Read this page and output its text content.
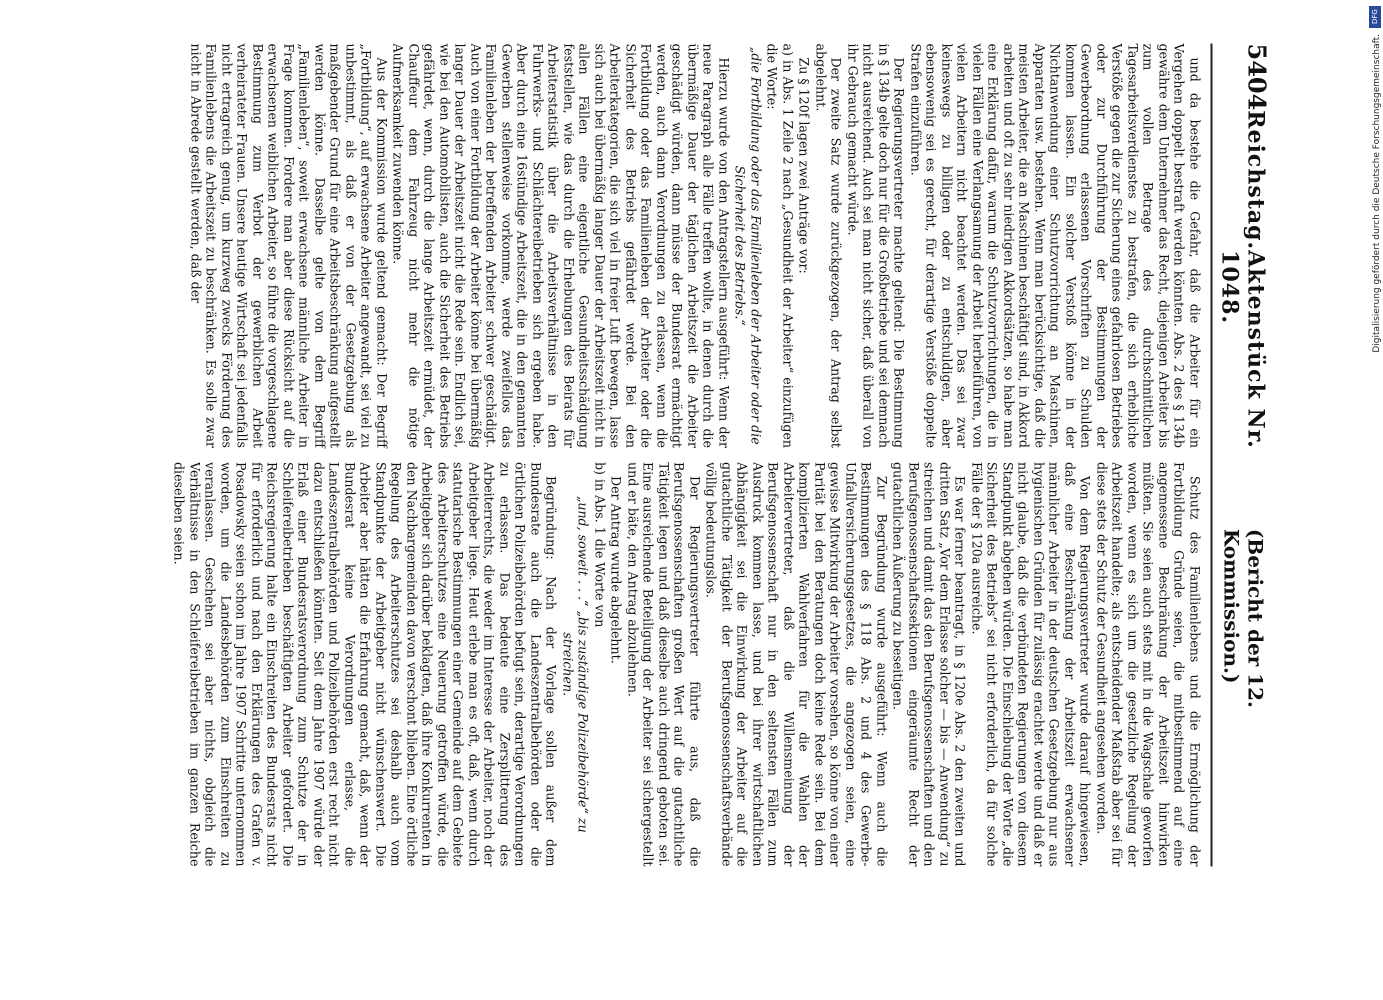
5404
Reichstag.
Aktenstück Nr. 1048.
(Bericht der 12. Kommission.)

und da bestehe die Gefahr, daß die Arbeiter für ein Vergehen doppelt bestraft werden könnten. Abs. 2 des § 134b gewähre dem Unternehmer das Recht, diejenigen Arbeiter bis zum vollen Betrage des durchschnittlichen Tagesarbeitsverdienstes zu bestrafen, die sich erhebliche Verstöße gegen die zur Sicherung eines gefahrlosen Betriebes oder zur Durchführung der Bestimmungen der Gewerbeordnung erlassenen Vorschriften zu Schulden kommen lassen. Ein solcher Verstoß könne in der Nichtanwendung einer Schutzvorrichtung an Maschinen, Apparaten usw. bestehen. Wenn man berücksichtige, daß die meisten Arbeiter, die an Maschinen beschäftigt sind, in Akkord arbeiten und oft zu sehr niedrigen Akkordsätzen, so habe man eine Erklärung dafür, warum die Schutzvorrichtungen, die in vielen Fällen eine Verlangsamung der Arbeit herbeiführen, von vielen Arbeitern nicht beachtet werden. Das sei zwar keineswegs zu billigen oder zu entschuldigen, aber ebensowenig sei es gerecht, für derartige Verstöße doppelte Strafen einzuführen.

Der Regierungsvertreter machte geltend: Die Bestimmung in § 134b gelte doch nur für die Großbetriebe und sei demnach nicht ausreichend. Auch sei man nicht sicher, daß überall von ihr Gebrauch gemacht würde.

Der zweite Satz wurde zurückgezogen, der Antrag selbst abgelehnt.

Zu § 120f lagen zwei Anträge vor:

a) in Abs. 1 Zeile 2 nach „Gesundheit der Arbeiter“ einzufügen die Worte:

„die Fortbildung oder das Familienleben der Arbeiter oder die Sicherheit des Betriebs.“

Hierzu wurde von den Antragstellern ausgeführt: Wenn der neue Paragraph alle Fälle treffen wollte, in denen durch die übermäßige Dauer der täglichen Arbeitszeit die Arbeiter geschädigt würden, dann müsse der Bundesrat ermächtigt werden, auch dann Verordnungen zu erlassen, wenn die Fortbildung oder das Familienleben der Arbeiter oder die Sicherheit des Betriebs gefährdet werde. Bei den Arbeiterkategorien, die sich viel in freier Luft bewegen, lasse sich auch bei übermäßig langer Dauer der Arbeitszeit nicht in allen Fällen eine eigentliche Gesundheitsschädigung feststellen, wie das durch die Erhebungen des Beirats für Arbeiterstatistik über die Arbeitsverhältnisse in den Fuhrwerks- und Schlächtereibetrieben sich ergeben habe. Aber durch eine 16stündige Arbeitszeit, die in den genannten Gewerben stellenweise vorkomme, werde zweifellos das Familienleben der betreffenden Arbeiter schwer geschädigt. Auch von einer Fortbildung der Arbeiter könne bei übermäßig langer Dauer der Arbeitszeit nicht die Rede sein. Endlich sei, wie bei den Automobilisten, auch die Sicherheit des Betriebs gefährdet, wenn, durch die lange Arbeitszeit ermüdet, der Chauffeur dem Fahrzeug nicht mehr die nötige Aufmerksamkeit zuwenden könne.

Aus der Kommission wurde geltend gemacht: Der Begriff „Fortbildung“, auf erwachsene Arbeiter angewandt, sei viel zu unbestimmt, als daß er von der Gesetzgebung als maßgebender Grund für eine Arbeitsbeschränkung aufgestellt werden könne. Dasselbe gelte von dem Begriff „Familienleben“, soweit erwachsene männliche Arbeiter in Frage kommen. Fordere man aber diese Rücksicht auf die erwachsenen weiblichen Arbeiter, so führe die vorgeschlagene Bestimmung zum Verbot der gewerblichen Arbeit verheirateter Frauen. Unsere heutige Wirtschaft sei jedenfalls nicht ertragreich genug, um kurzweg zwecks Förderung des Familienlebens die Arbeitszeit zu beschränken. Es solle zwar nicht in Abrede gestellt werden, daß der

Schutz des Familienlebens und die Ermöglichung der Fortbildung Gründe seien, die mitbestimmend auf eine angemessene Beschränkung der Arbeitszeit hinwirken müßten. Sie seien auch stets mit in die Wagschale geworfen worden, wenn es sich um die gesetzliche Regelung der Arbeitszeit handelte; als entscheidender Maßstab aber sei für diese stets der Schutz der Gesundheit angesehen worden.

Von dem Regierungsvertreter wurde darauf hingewiesen, daß eine Beschränkung der Arbeitszeit erwachsener männlicher Arbeiter in der deutschen Gesetzgebung nur aus hygienischen Gründen für zulässig erachtet werde und daß er nicht glaube, daß die verbündeten Regierungen von diesem Standpunkt abgehen würden. Die Einschiebung der Worte „die Sicherheit des Betriebs“ sei nicht erforderlich, da für solche Fälle der § 120a ausreiche.

Es war ferner beantragt, in § 120e Abs. 2 den zweiten und dritten Satz „Vor dem Erlasse solcher — bis — Anwendung“ zu streichen und damit das den Berufsgenossenschaften und den Berufsgenossenschaftssektionen eingeräumte Recht der gutachtlichen Äußerung zu beseitigen.

Zur Begründung wurde ausgeführt: Wenn auch die Bestimmungen des § 118 Abs. 2 und 4 des Gewerbe-Unfallversicherungsgesetzes, die angezogen seien, eine gewisse Mitwirkung der Arbeiter vorsehen, so könne von einer Parität bei den Beratungen doch keine Rede sein. Bei dem komplizierten Wahlverfahren für die Wahlen der Arbeitervertreter, daß die Willensmeinung der Berufsgenossenschaft nur in den seltensten Fällen zum Ausdruck kommen lasse, und bei ihrer wirtschaftlichen Abhängigkeit sei die Einwirkung der Arbeiter auf die gutachtliche Tätigkeit der Berufsgenossenschaftsverbände völlig bedeutungslos.

Der Regierungsvertreter führte aus, daß die Berufsgenossenschaften großen Wert auf die gutachtliche Tätigkeit legen und daß dieselbe auch dringend geboten sei. Eine ausreichende Beteiligung der Arbeiter sei sichergestellt und er bäte, den Antrag abzulehnen.

Der Antrag wurde abgelehnt.

b) in Abs. 1 die Worte von

„und, soweit . . .“ „bis zuständige Polizeibehörde“ zu streichen.

Begründung: Nach der Vorlage sollen außer dem Bundesrate auch die Landeszentralbehörden oder die örtlichen Polizeibehörden befugt sein, derartige Verordnungen zu erlassen. Das bedeute eine Zersplitterung des Arbeiterrechts, die weder im Interesse der Arbeiter, noch der Arbeitgeber liege. Heut erlebe man es oft, daß, wenn durch statutarische Bestimmungen einer Gemeinde auf dem Gebiete des Arbeiterschutzes eine Neuerung getroffen würde, die Arbeitgeber sich darüber beklagten, daß ihre Konkurrenten in den Nachbargemeinden davon verschont blieben. Eine örtliche Regelung des Arbeiterschutzes sei deshalb auch vom Standpunkte der Arbeitgeber nicht wünschenswert. Die Arbeiter aber hätten die Erfahrung gemacht, daß, wenn der Bundesrat keine Verordnungen erlasse, die Landeszentralbehörden und Polizeibehörden erst recht nicht dazu entschließen könnten. Seit dem Jahre 1907 würde der Erlaß einer Bundesratsverordnung zum Schutze der in Schleifereibetrieben beschäftigten Arbeiter gefordert. Die Reichsregierung halte ein Einschreiten des Bundesrats nicht für erforderlich und nach den Erklärungen des Grafen v. Posadowsky seien schon im Jahre 1907 Schritte unternommen worden, um die Landesbehörden zum Einschreiten zu veranlassen. Geschehen sei aber nichts, obgleich die Verhältnisse in den Schleifereibetrieben im ganzen Reiche dieselben seien.

DFG
Digitalisierung gefördert durch die Deutsche Forschungsgemeinschaft.
